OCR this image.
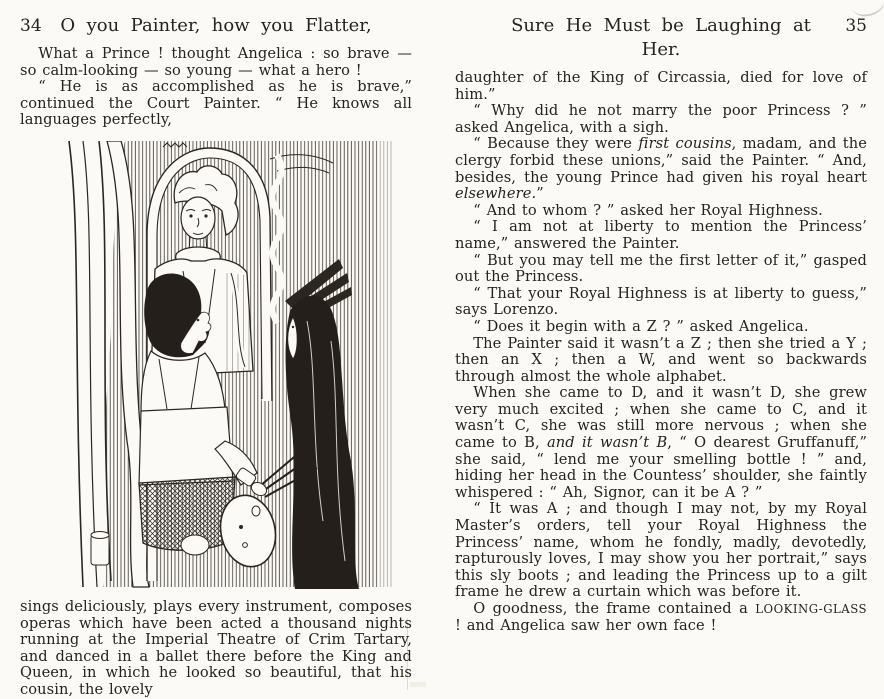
34	O you Painter, how you Flatter,

What a Prince ! thought Angelica : so brave — so calm-looking — so young — what a hero !

“ He is as accomplished as he is brave,” continued the Court Painter. “ He knows all languages perfectly,

sings deliciously, plays every instrument, composes operas which have been acted a thousand nights running at the Imperial Theatre of Crim Tartary, and danced in a ballet there before the King and Queen, in which he looked so beautiful, that his cousin, the lovely

Sure He Must be Laughing at Her.
35

daughter of the King of Circassia, died for love of him.”

“ Why did he not marry the poor Princess ? ” asked Angelica, with a sigh.

“ Because they were first cousins, madam, and the clergy forbid these unions,” said the Painter. “ And, besides, the young Prince had given his royal heart elsewhere.”

“ And to whom ? ” asked her Royal Highness.

“ I am not at liberty to mention the Princess’ name,” answered the Painter.

“ But you may tell me the first letter of it,” gasped out the Princess.

“ That your Royal Highness is at liberty to guess,” says Lorenzo.

“ Does it begin with a Z ? ” asked Angelica.

The Painter said it wasn’t a Z ; then she tried a Y ; then an X ; then a W, and went so backwards through almost the whole alphabet.

When she came to D, and it wasn’t D, she grew very much excited ; when she came to C, and it wasn’t C, she was still more nervous ; when she came to B, and it wasn’t B, “ O dearest Gruffanuff,” she said, “ lend me your smelling bottle ! ” and, hiding her head in the Countess’ shoulder, she faintly whispered : “ Ah, Signor, can it be A ? ”

“ It was A ; and though I may not, by my Royal Master’s orders, tell your Royal Highness the Princess’ name, whom he fondly, madly, devotedly, rapturously loves, I may show you her portrait,” says this sly boots ; and leading the Princess up to a gilt frame he drew a curtain which was before it.

O goodness, the frame contained a LOOKING-GLASS ! and Angelica saw her own face !
